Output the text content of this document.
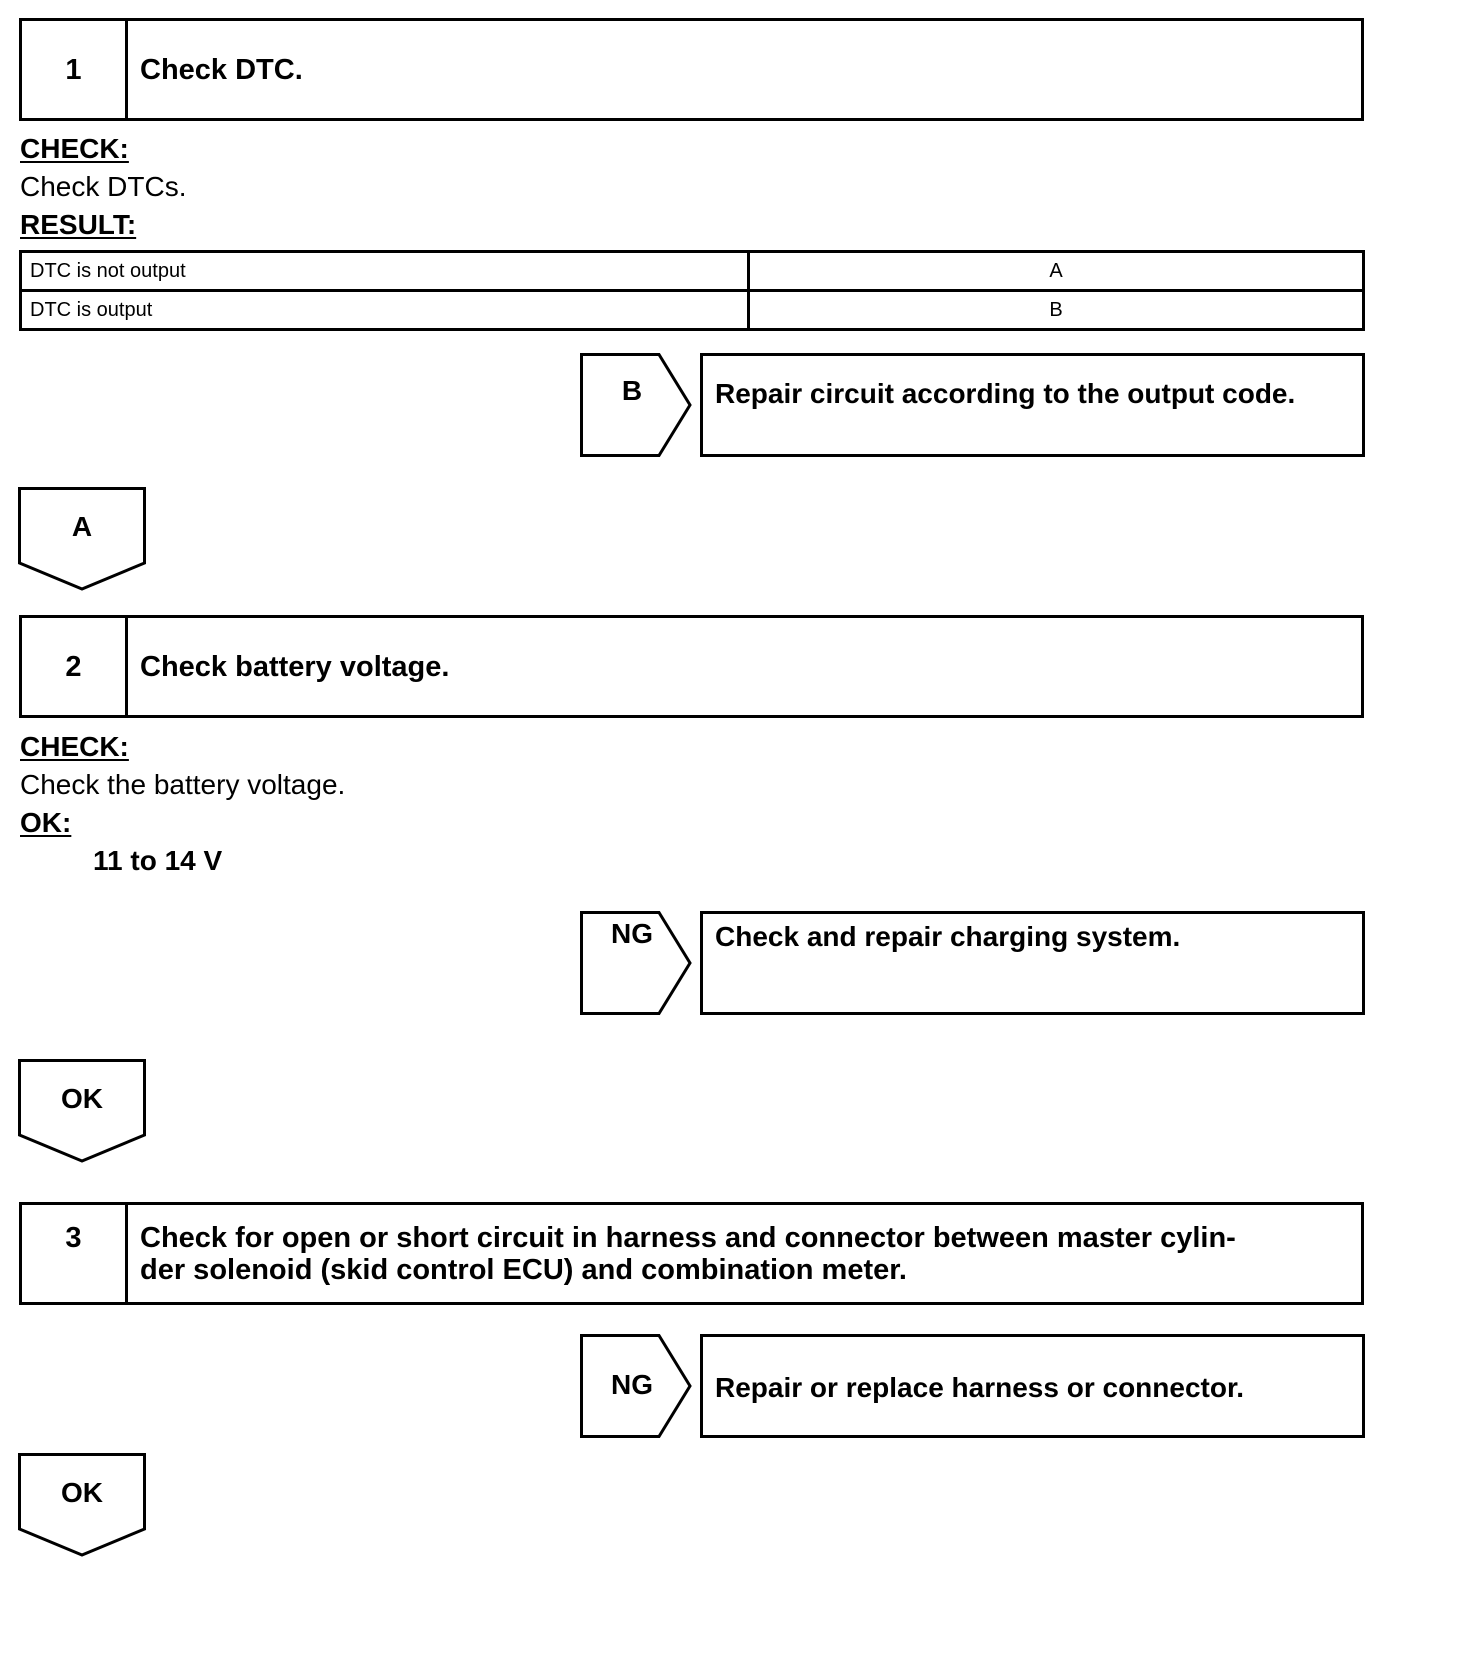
1	Check DTC.
CHECK:
Check DTCs.
RESULT:
DTC is not output	A
DTC is output	B
B	Repair circuit according to the output code.
A
2	Check battery voltage.
CHECK:
Check the battery voltage.
OK:
11 to 14 V
NG	Check and repair charging system.
OK
3	Check for open or short circuit in harness and connector between master cylin-
der solenoid (skid control ECU) and combination meter.
NG	Repair or replace harness or connector.
OK
